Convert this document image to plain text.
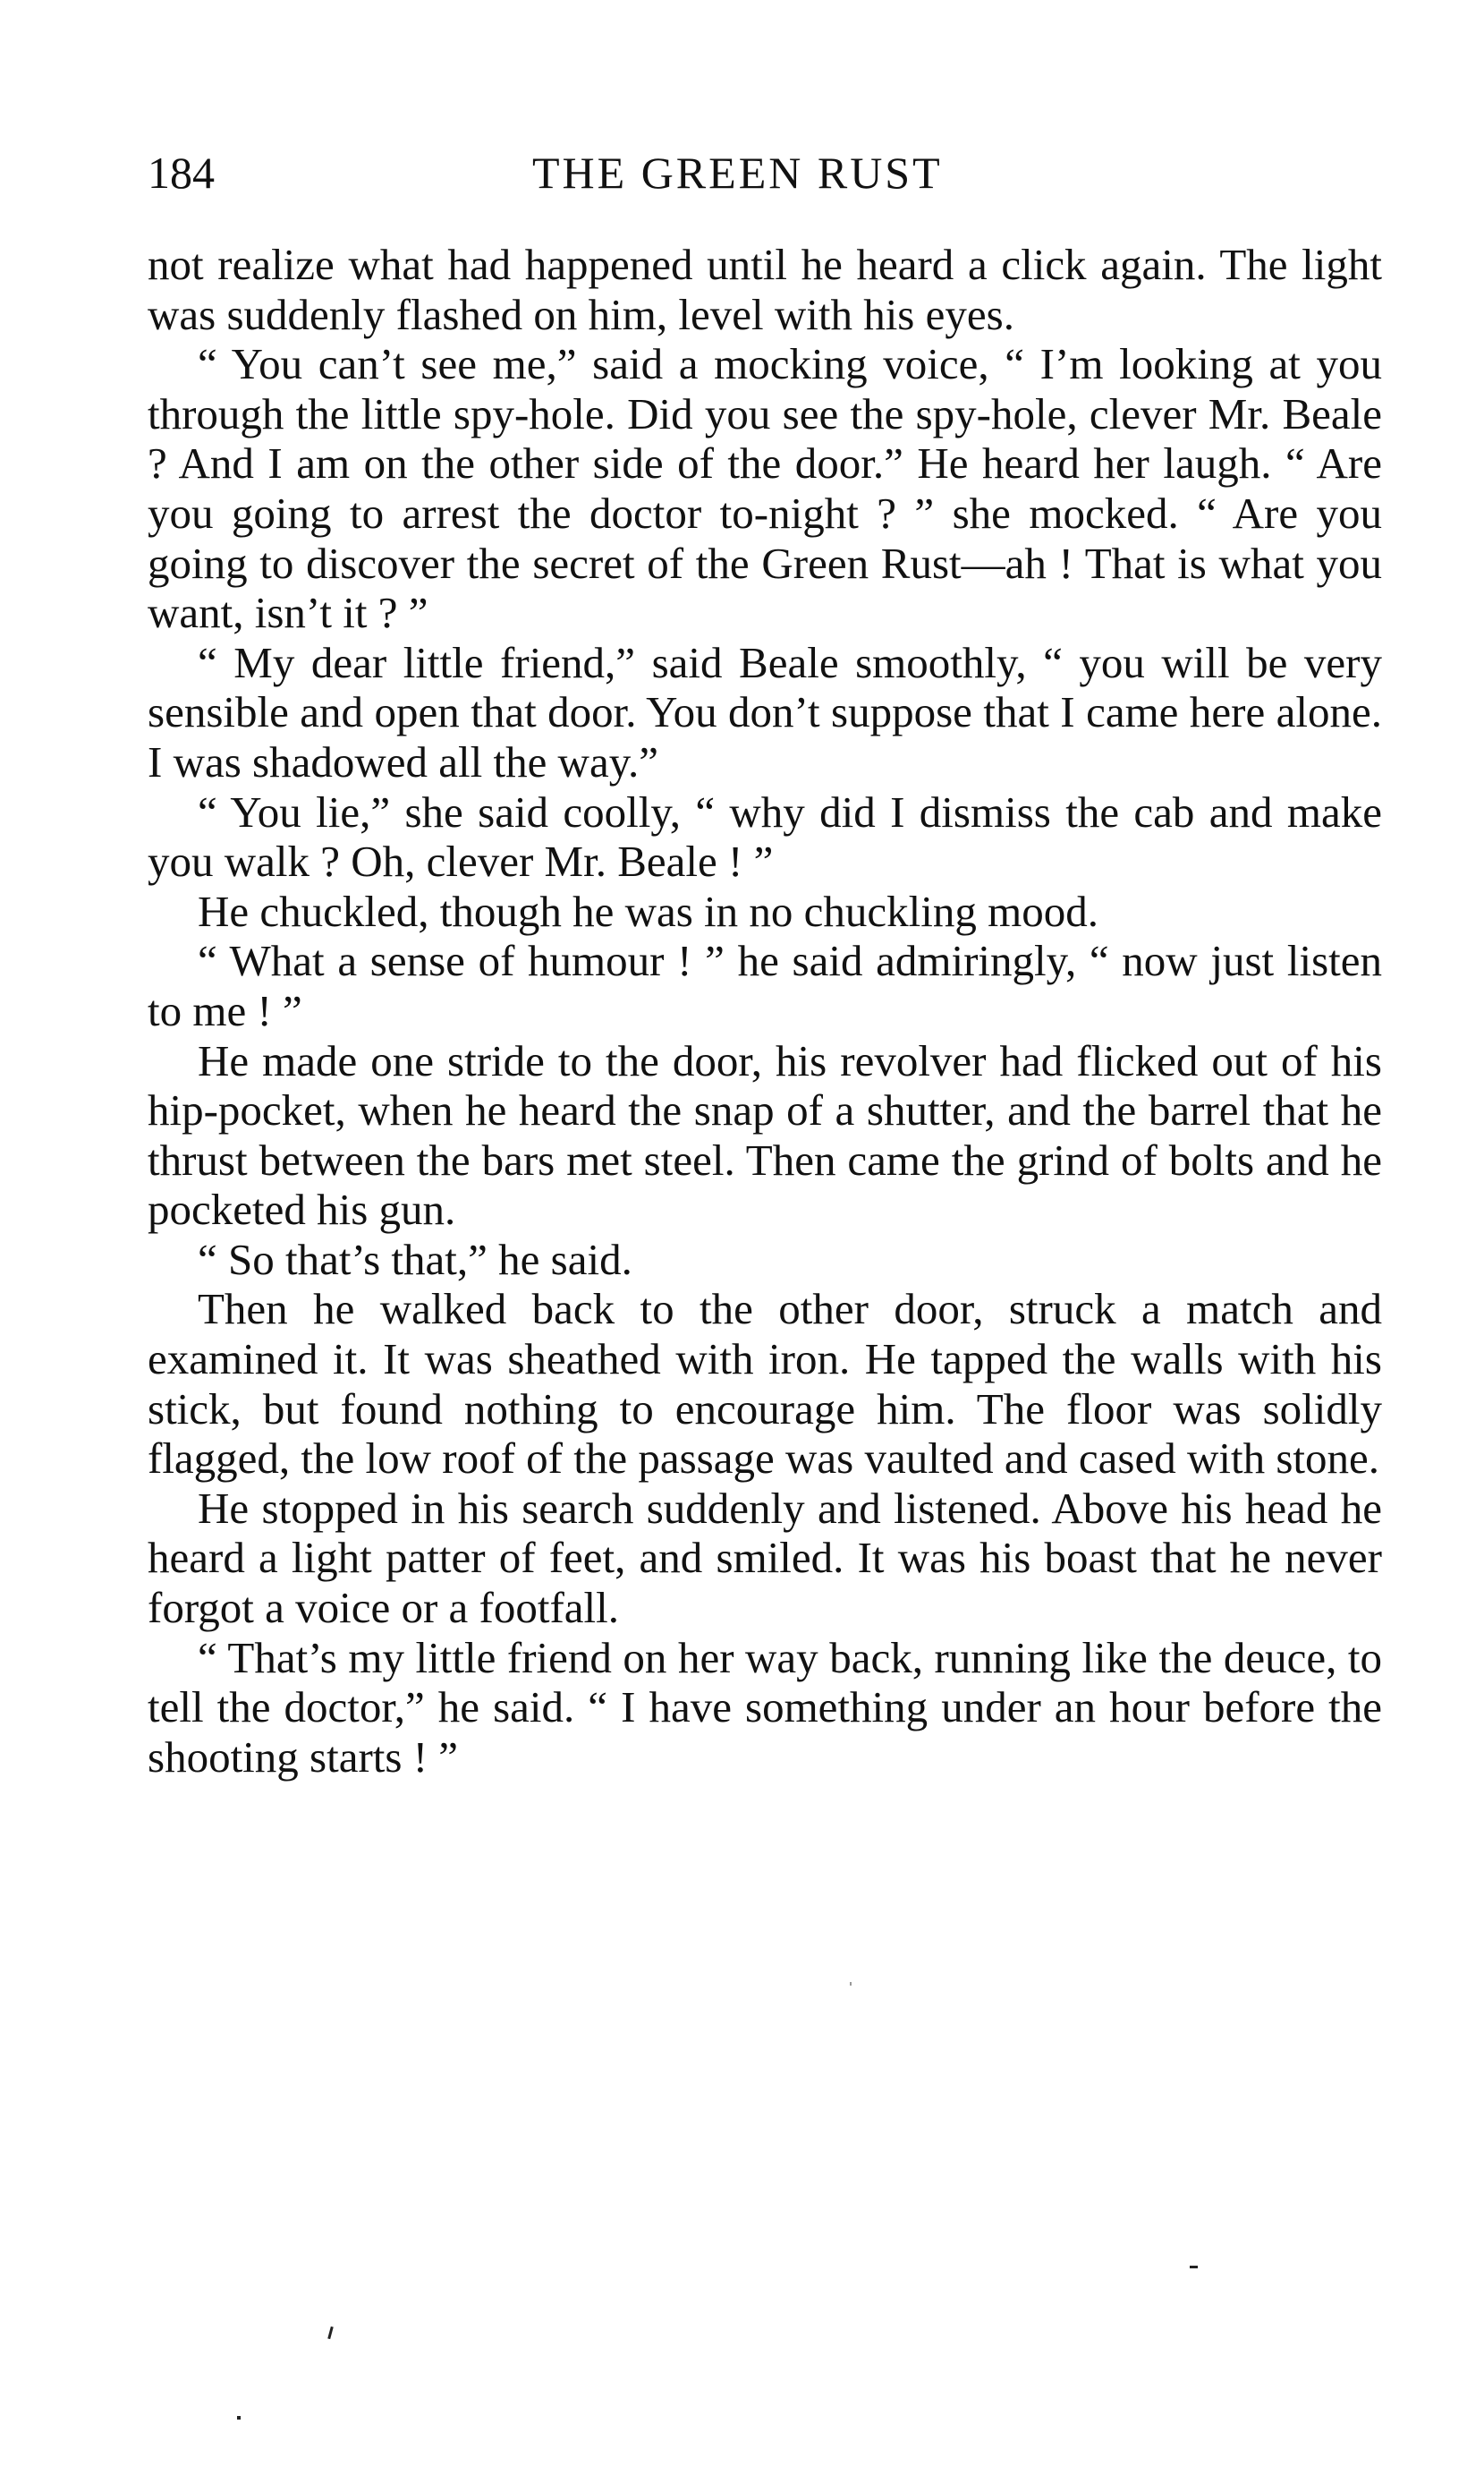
184	THE GREEN RUST

not realize what had happened until he heard a click again. The light was suddenly flashed on him, level with his eyes.

“ You can’t see me,” said a mocking voice, “ I’m looking at you through the little spy-hole. Did you see the spy-hole, clever Mr. Beale ? And I am on the other side of the door.” He heard her laugh. “ Are you going to arrest the doctor to-night ? ” she mocked. “ Are you going to discover the secret of the Green Rust—ah ! That is what you want, isn’t it ? ”

“ My dear little friend,” said Beale smoothly, “ you will be very sensible and open that door. You don’t suppose that I came here alone. I was shadowed all the way.”

“ You lie,” she said coolly, “ why did I dismiss the cab and make you walk ? Oh, clever Mr. Beale ! ”

He chuckled, though he was in no chuckling mood.

“ What a sense of humour ! ” he said admiringly, “ now just listen to me ! ”

He made one stride to the door, his revolver had flicked out of his hip-pocket, when he heard the snap of a shutter, and the barrel that he thrust between the bars met steel. Then came the grind of bolts and he pocketed his gun.

“ So that’s that,” he said.

Then he walked back to the other door, struck a match and examined it. It was sheathed with iron. He tapped the walls with his stick, but found nothing to encourage him. The floor was solidly flagged, the low roof of the passage was vaulted and cased with stone.

He stopped in his search suddenly and listened. Above his head he heard a light patter of feet, and smiled. It was his boast that he never forgot a voice or a footfall.

“ That’s my little friend on her way back, running like the deuce, to tell the doctor,” he said. “ I have something under an hour before the shooting starts ! ”
